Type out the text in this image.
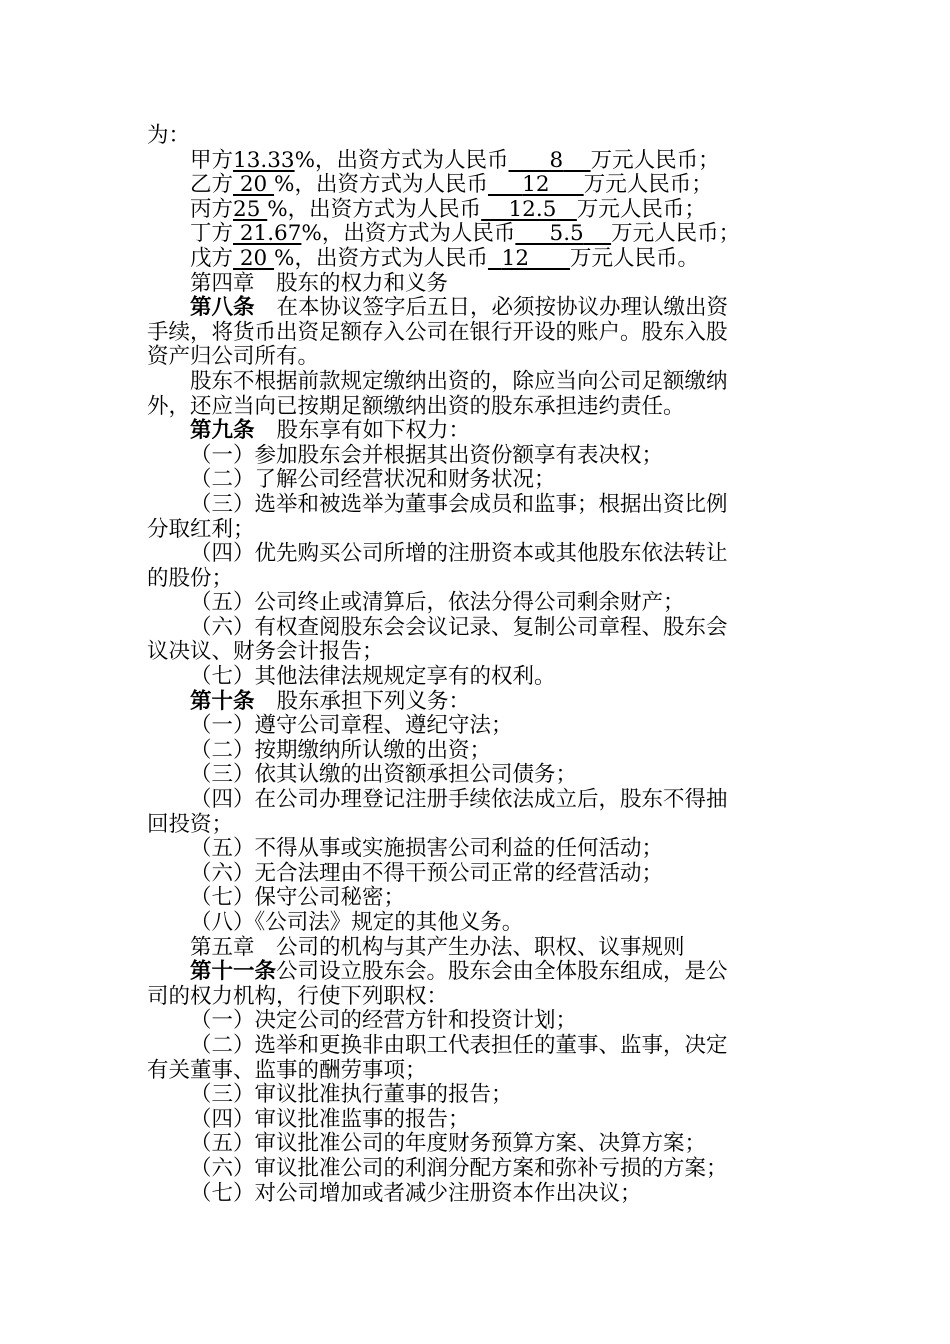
为：
甲方13.33%，出资方式为人民币 8 万元人民币；
乙方 20 %，出资方式为人民币 12 万元人民币；
丙方25 %，出资方式为人民币 12.5 万元人民币；
丁方 21.67%，出资方式为人民币 5.5 万元人民币；
戊方 20 %，出资方式为人民币 12 万元人民币。
第四章　股东的权力和义务
第八条 在本协议签字后五日，必须按协议办理认缴出资
手续，将货币出资足额存入公司在银行开设的账户。股东入股
资产归公司所有。
股东不根据前款规定缴纳出资的，除应当向公司足额缴纳
外，还应当向已按期足额缴纳出资的股东承担违约责任。
第九条 股东享有如下权力：
（一）参加股东会并根据其出资份额享有表决权；
（二）了解公司经营状况和财务状况；
（三）选举和被选举为董事会成员和监事；根据出资比例
分取红利；
（四）优先购买公司所增的注册资本或其他股东依法转让
的股份；
（五）公司终止或清算后，依法分得公司剩余财产；
（六）有权查阅股东会会议记录、复制公司章程、股东会
议决议、财务会计报告；
（七）其他法律法规规定享有的权利。
第十条 股东承担下列义务：
（一）遵守公司章程、遵纪守法；
（二）按期缴纳所认缴的出资；
（三）依其认缴的出资额承担公司债务；
（四）在公司办理登记注册手续依法成立后，股东不得抽
回投资；
（五）不得从事或实施损害公司利益的任何活动；
（六）无合法理由不得干预公司正常的经营活动；
（七）保守公司秘密；
（八）《公司法》规定的其他义务。
第五章　公司的机构与其产生办法、职权、议事规则
第十一条公司设立股东会。股东会由全体股东组成，是公
司的权力机构，行使下列职权：
（一）决定公司的经营方针和投资计划；
（二）选举和更换非由职工代表担任的董事、监事，决定
有关董事、监事的酬劳事项；
（三）审议批准执行董事的报告；
（四）审议批准监事的报告；
（五）审议批准公司的年度财务预算方案、决算方案；
（六）审议批准公司的利润分配方案和弥补亏损的方案；
（七）对公司增加或者减少注册资本作出决议；
